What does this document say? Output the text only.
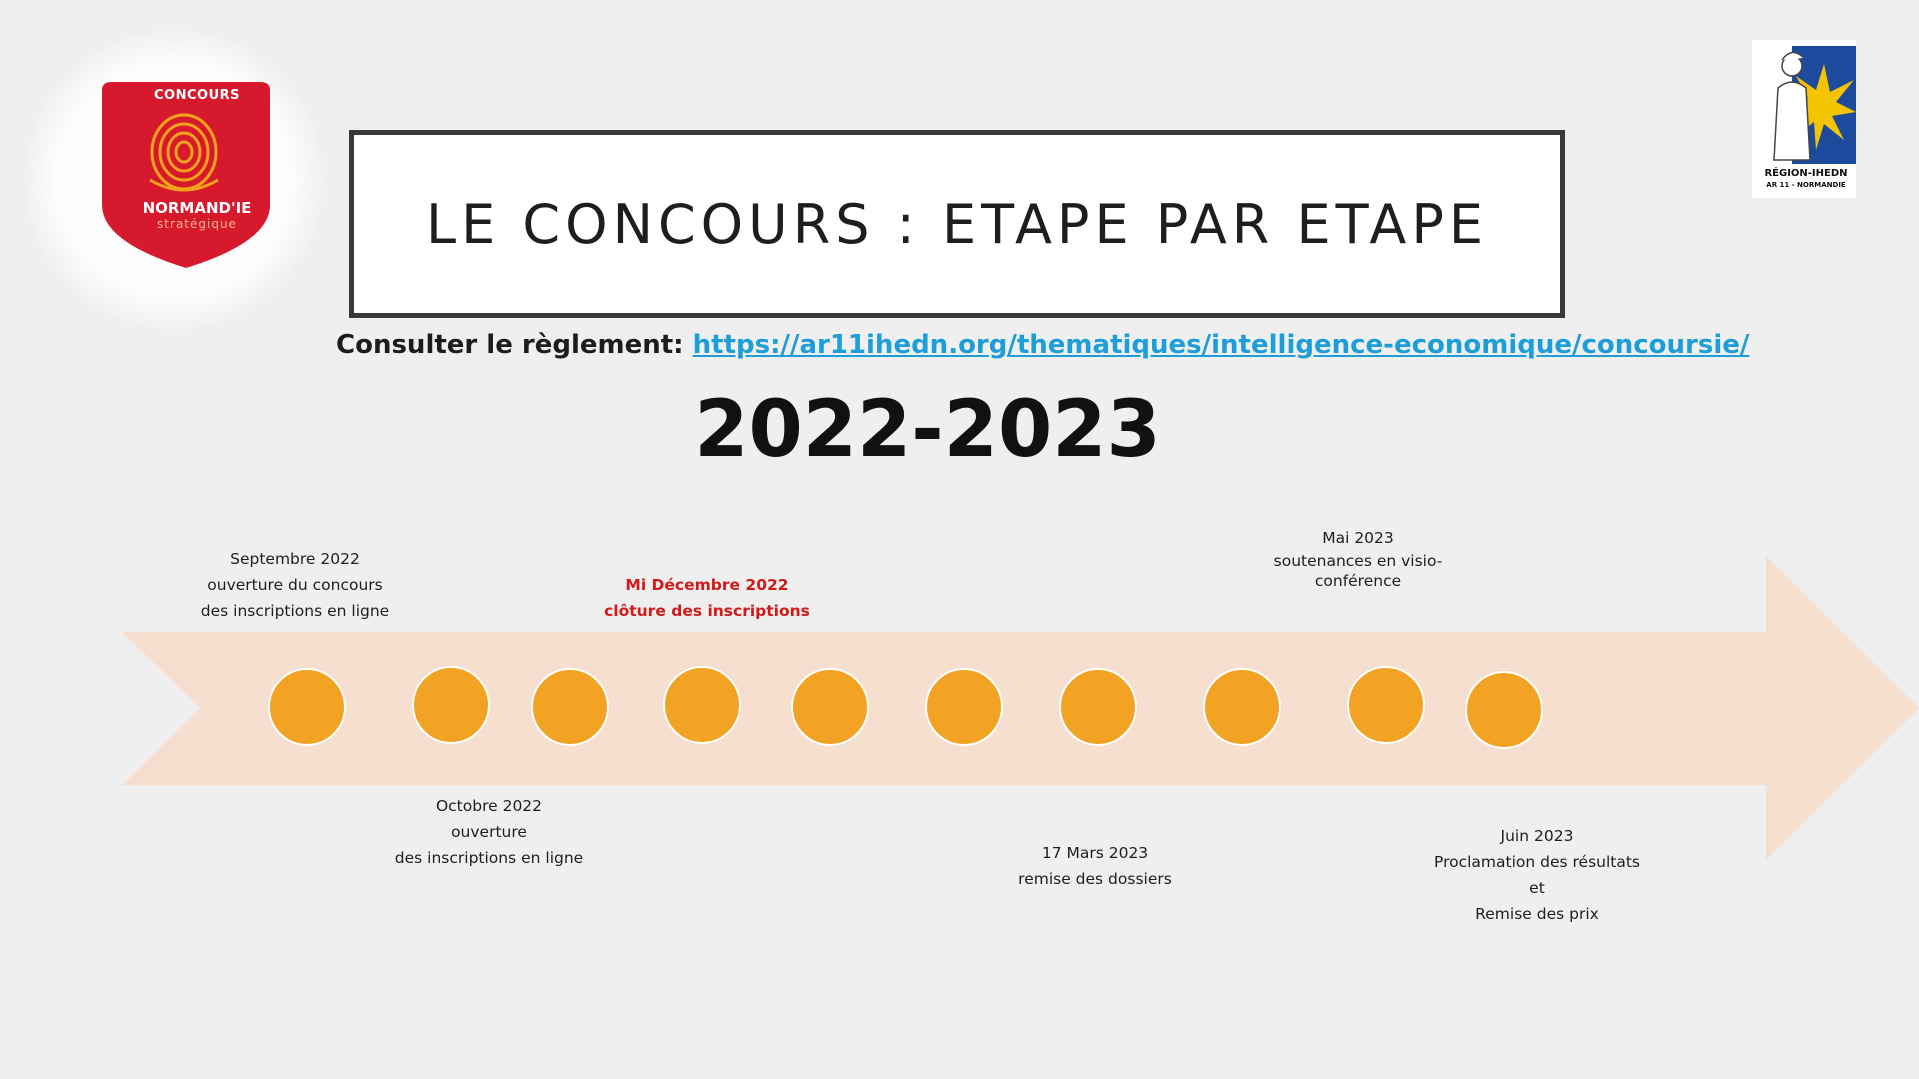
CONCOURS
NORMAND'IE
stratégique
RÉGION-IHEDN
AR 11 - NORMANDIE
LE CONCOURS : ETAPE PAR ETAPE
Consulter le règlement: https://ar11ihedn.org/thematiques/intelligence-economique/concoursie/
2022-2023
Septembre 2022
ouverture du concours
des inscriptions en ligne
Mi Décembre 2022
clôture des inscriptions
Mai 2023
soutenances en visio-
conférence
Octobre 2022
ouverture
des inscriptions en ligne	17 Mars 2023
remise des dossiers
Juin 2023
Proclamation des résultats
et
Remise des prix
